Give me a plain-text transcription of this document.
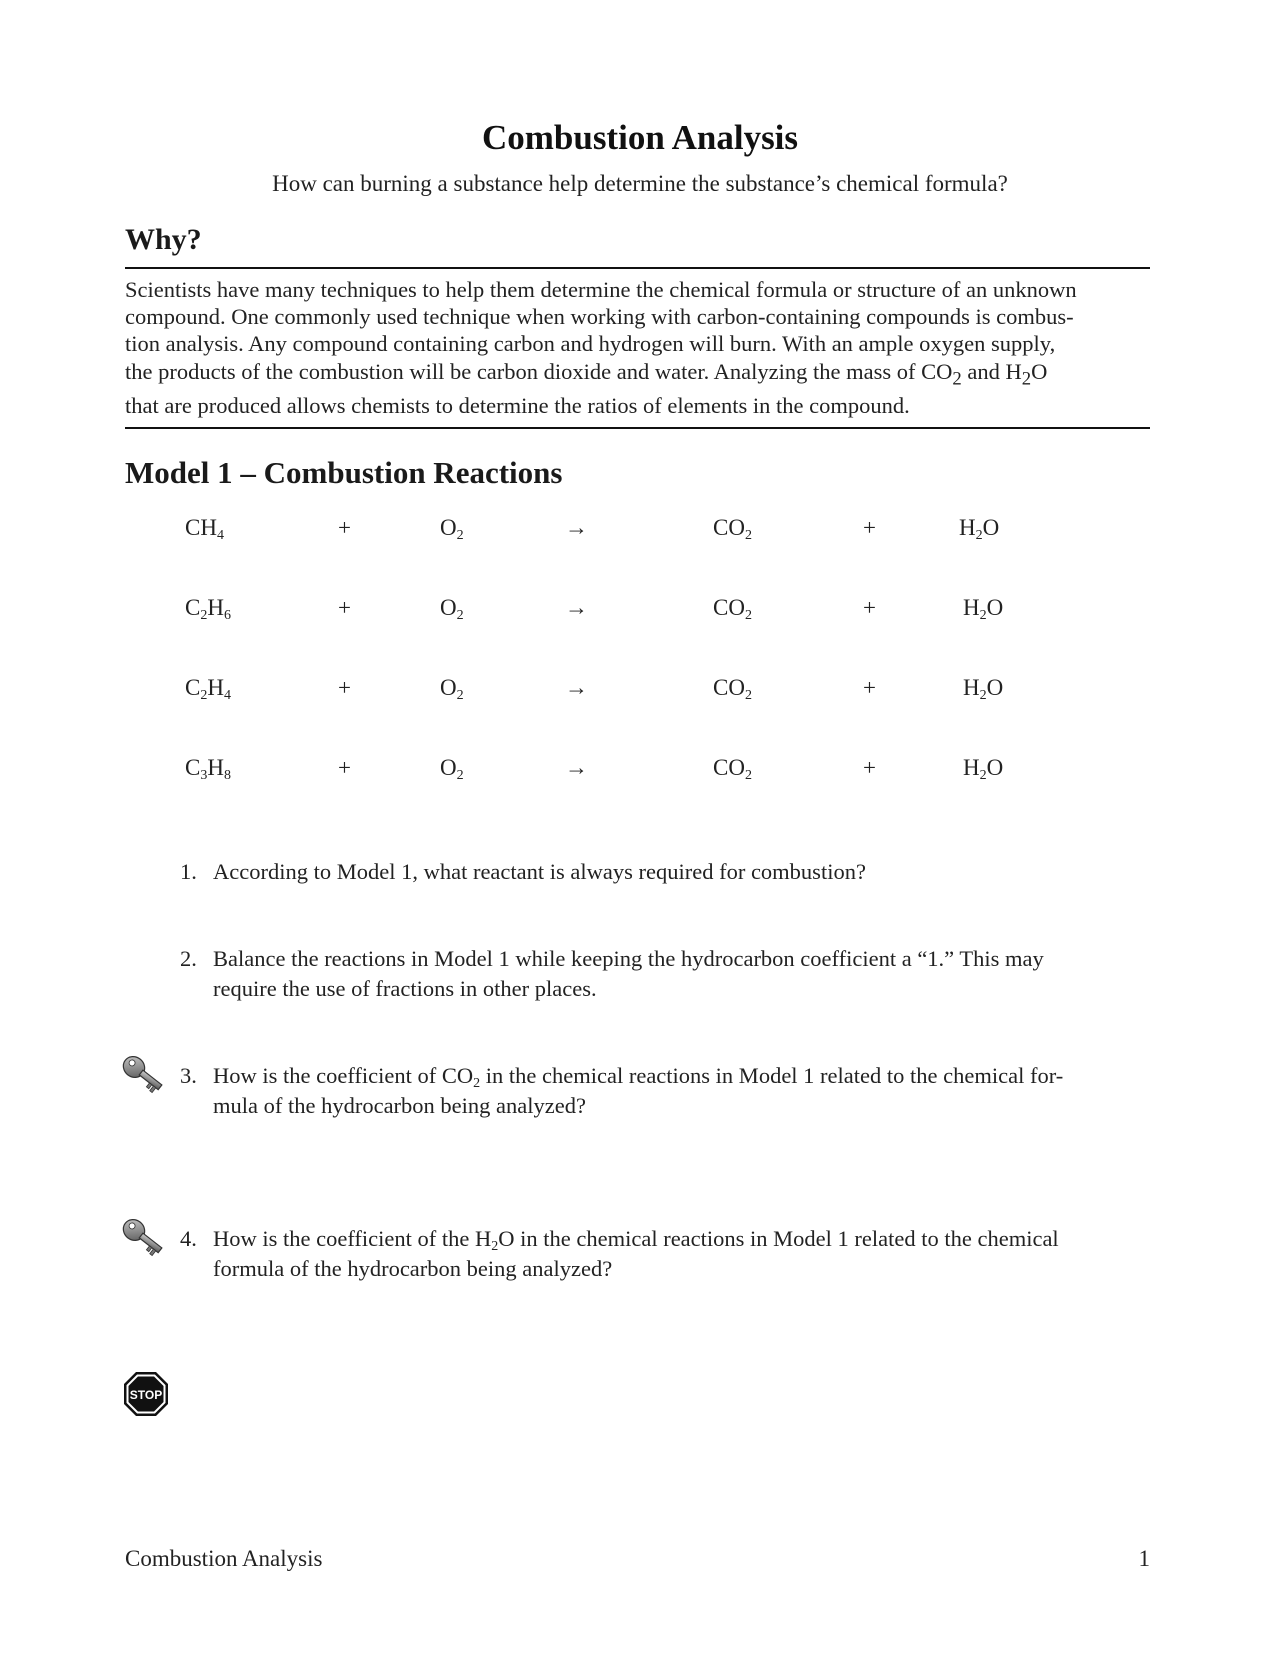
Combustion Analysis

How can burning a substance help determine the substance’s chemical formula?

Why?
Scientists have many techniques to help them determine the chemical formula or structure of an unknown
compound. One commonly used technique when working with carbon-containing compounds is combus-
tion analysis. Any compound containing carbon and hydrogen will burn. With an ample oxygen supply,
the products of the combustion will be carbon dioxide and water. Analyzing the mass of $CO_2$ and $H_2O$
that are produced allows chemists to determine the ratios of elements in the compound.
Model 1 – Combustion Reactions
$CH_4$	+	$O_2$	→	$CO_2$	+	$H_2O$
$C_2H_6$	+	$O_2$	→	$CO_2$	+	$H_2O$
$C_2H_4$	+	$O_2$	→	$CO_2$	+	$H_2O$
$C_3H_8$	+	$O_2$	→	$CO_2$	+	$H_2O$
1. According to Model 1, what reactant is always required for combustion?
2. Balance the reactions in Model 1 while keeping the hydrocarbon coefficient a “1.” This may
require the use of fractions in other places.
3. How is the coefficient of $CO_2$ in the chemical reactions in Model 1 related to the chemical for-
mula of the hydrocarbon being analyzed?
4. How is the coefficient of the $H_2O$ in the chemical reactions in Model 1 related to the chemical
formula of the hydrocarbon being analyzed?
STOP
Combustion Analysis	1
